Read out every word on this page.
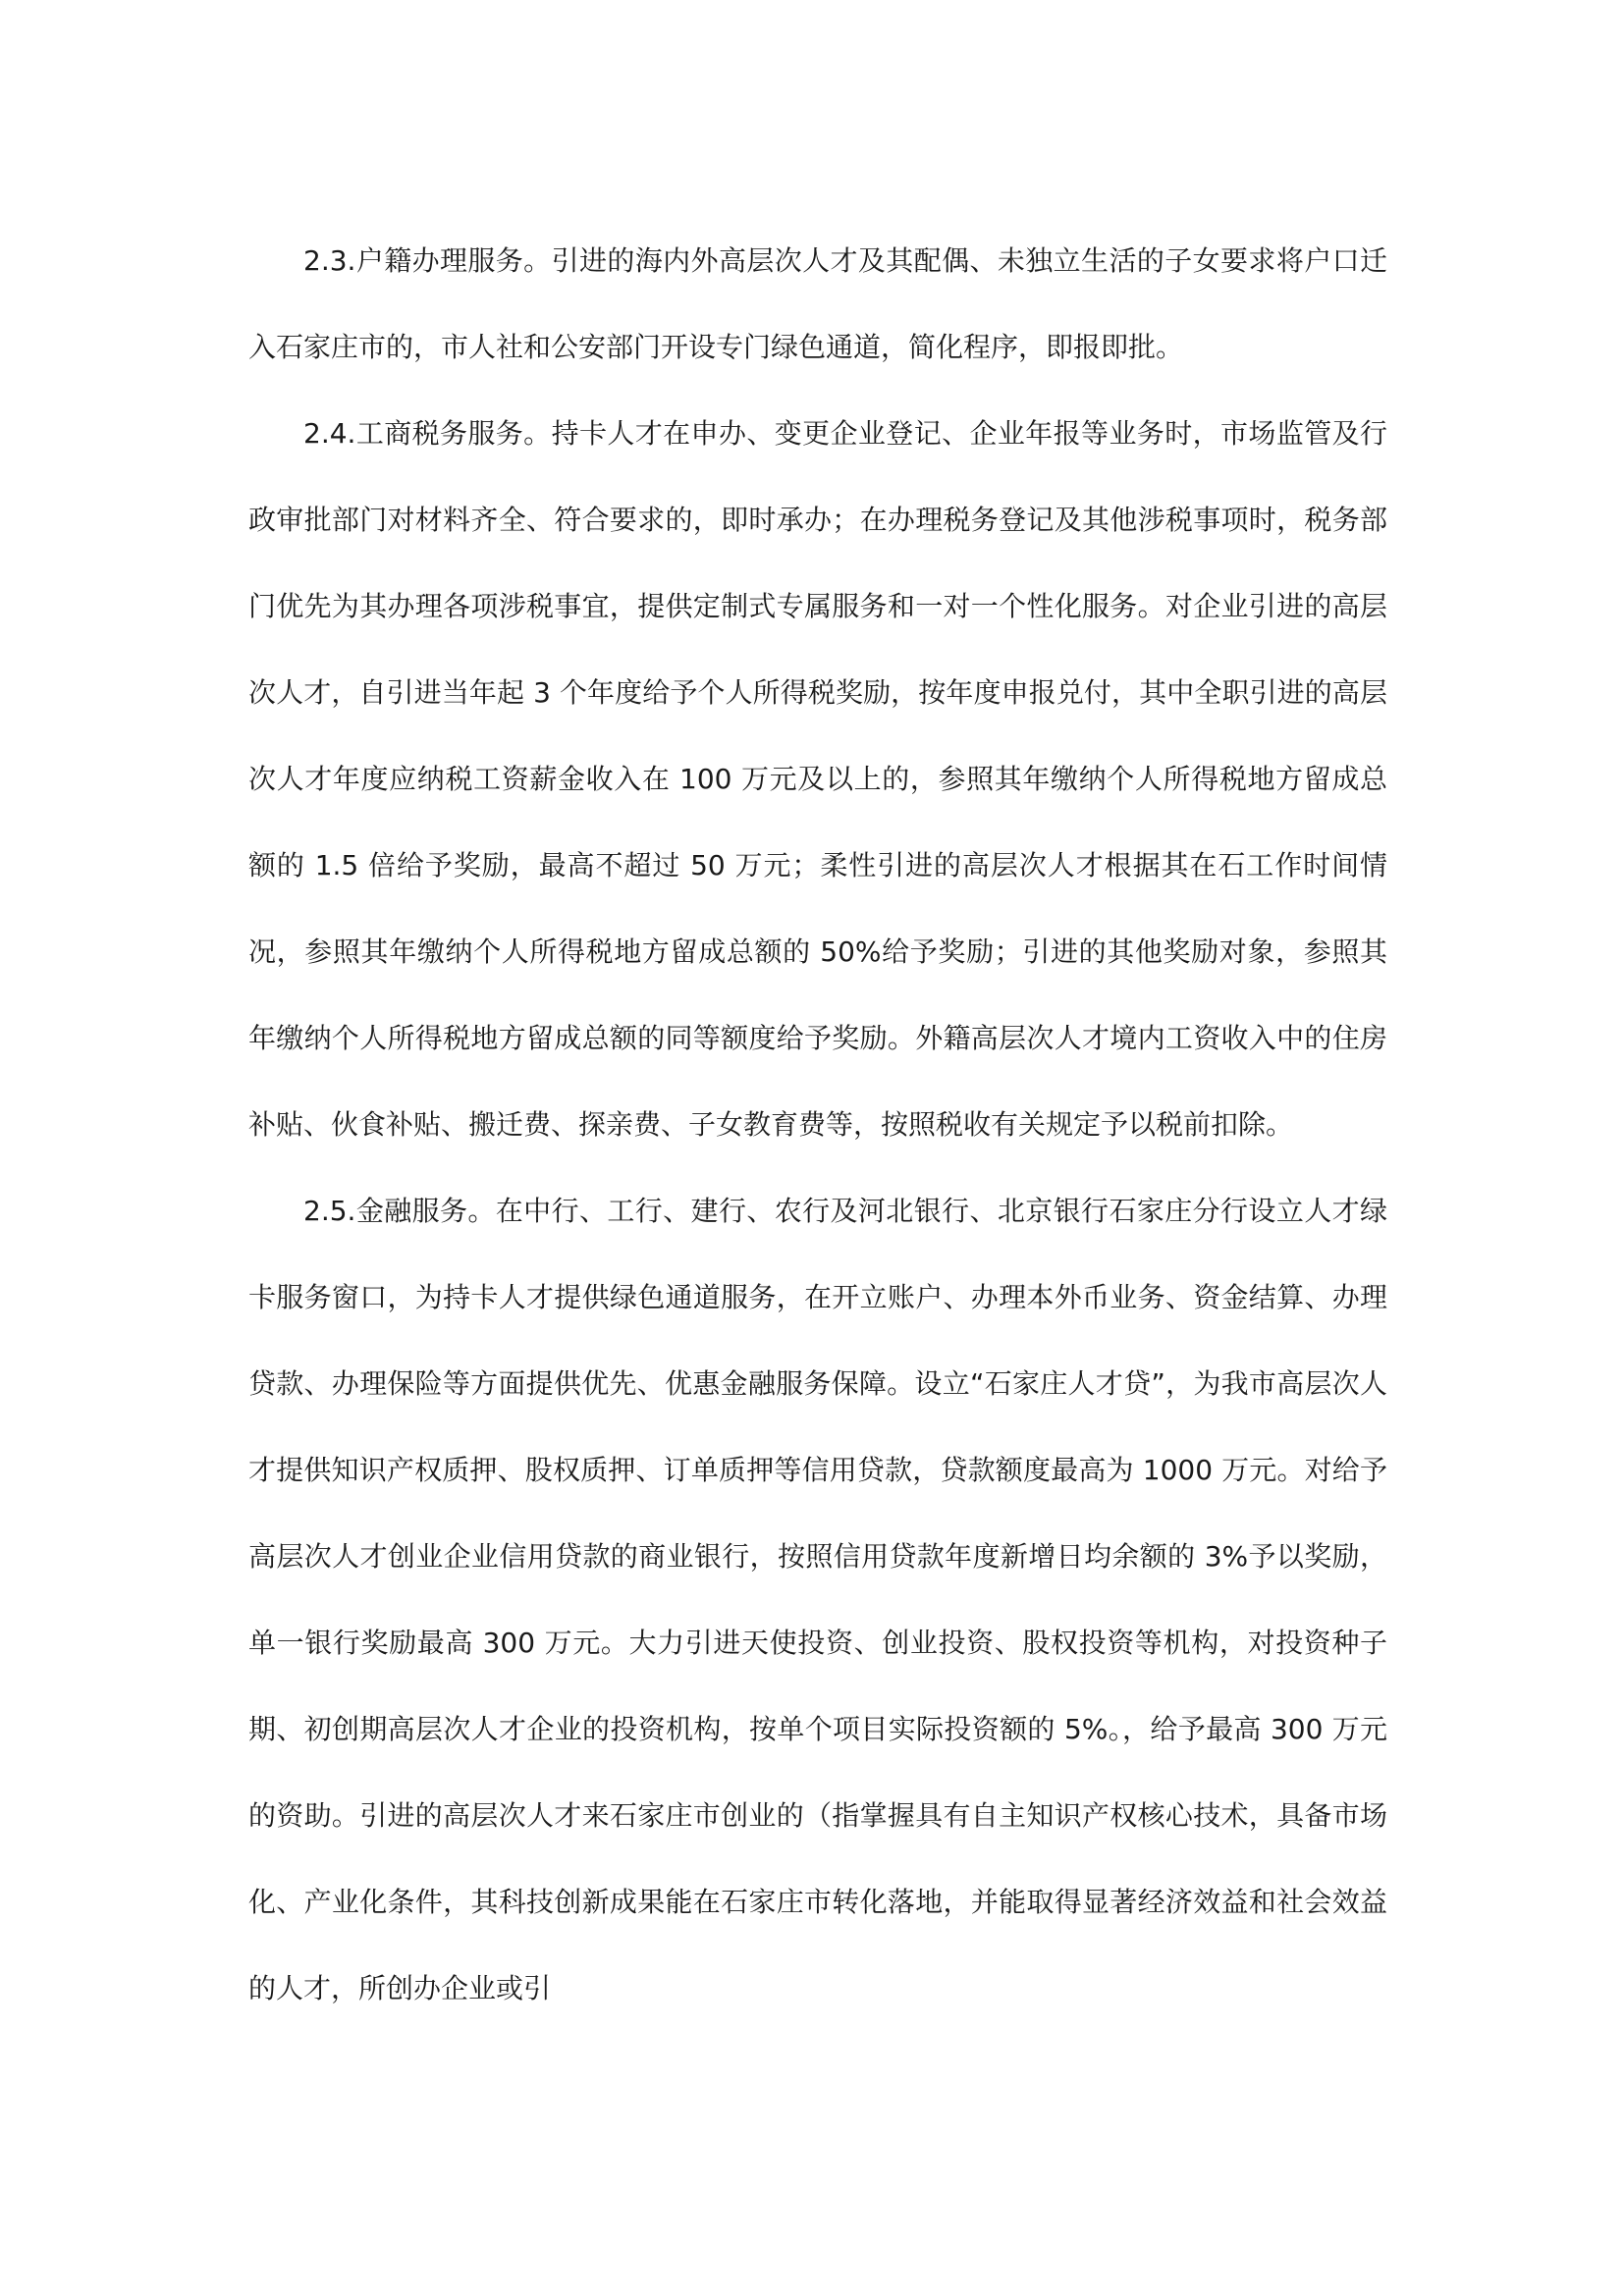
2.3.户籍办理服务。引进的海内外高层次人才及其配偶、未独立生活的子女要求将户口迁入石家庄市的，市人社和公安部门开设专门绿色通道，简化程序，即报即批。

2.4.工商税务服务。持卡人才在申办、变更企业登记、企业年报等业务时，市场监管及行政审批部门对材料齐全、符合要求的，即时承办；在办理税务登记及其他涉税事项时，税务部门优先为其办理各项涉税事宜，提供定制式专属服务和一对一个性化服务。对企业引进的高层次人才，自引进当年起 3 个年度给予个人所得税奖励，按年度申报兑付，其中全职引进的高层次人才年度应纳税工资薪金收入在 100 万元及以上的，参照其年缴纳个人所得税地方留成总额的 1.5 倍给予奖励，最高不超过 50 万元；柔性引进的高层次人才根据其在石工作时间情况，参照其年缴纳个人所得税地方留成总额的 50%给予奖励；引进的其他奖励对象，参照其年缴纳个人所得税地方留成总额的同等额度给予奖励。外籍高层次人才境内工资收入中的住房补贴、伙食补贴、搬迁费、探亲费、子女教育费等，按照税收有关规定予以税前扣除。

2.5.金融服务。在中行、工行、建行、农行及河北银行、北京银行石家庄分行设立人才绿卡服务窗口，为持卡人才提供绿色通道服务，在开立账户、办理本外币业务、资金结算、办理贷款、办理保险等方面提供优先、优惠金融服务保障。设立“石家庄人才贷”，为我市高层次人才提供知识产权质押、股权质押、订单质押等信用贷款，贷款额度最高为 1000 万元。对给予高层次人才创业企业信用贷款的商业银行，按照信用贷款年度新增日均余额的 3%予以奖励，单一银行奖励最高 300 万元。大力引进天使投资、创业投资、股权投资等机构，对投资种子期、初创期高层次人才企业的投资机构，按单个项目实际投资额的 5%。，给予最高 300 万元的资助。引进的高层次人才来石家庄市创业的（指掌握具有自主知识产权核心技术，具备市场化、产业化条件，其科技创新成果能在石家庄市转化落地，并能取得显著经济效益和社会效益的人才，所创办企业或引
